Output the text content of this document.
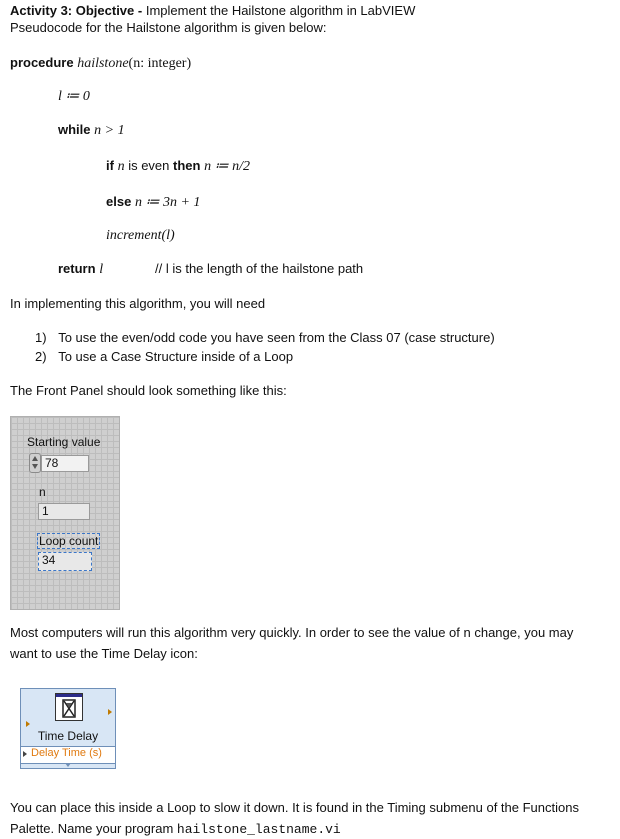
Activity 3: Objective - Implement the Hailstone algorithm in LabVIEW
Pseudocode for the Hailstone algorithm is given below:
procedure hailstone(n: integer)
l ≔ 0
while n > 1
if n is even then n ≔ n/2
else n ≔ 3n + 1
increment(l)
return l	// l is the length of the hailstone path
In implementing this algorithm, you will need
1) To use the even/odd code you have seen from the Class 07 (case structure)
2) To use a Case Structure inside of a Loop
The Front Panel should look something like this:
Starting value
78
n
1
Loop count
34
Most computers will run this algorithm very quickly. In order to see the value of n change, you may
want to use the Time Delay icon:
Time Delay
Delay Time (s)
You can place this inside a Loop to slow it down. It is found in the Timing submenu of the Functions
Palette. Name your program hailstone_lastname.vi
